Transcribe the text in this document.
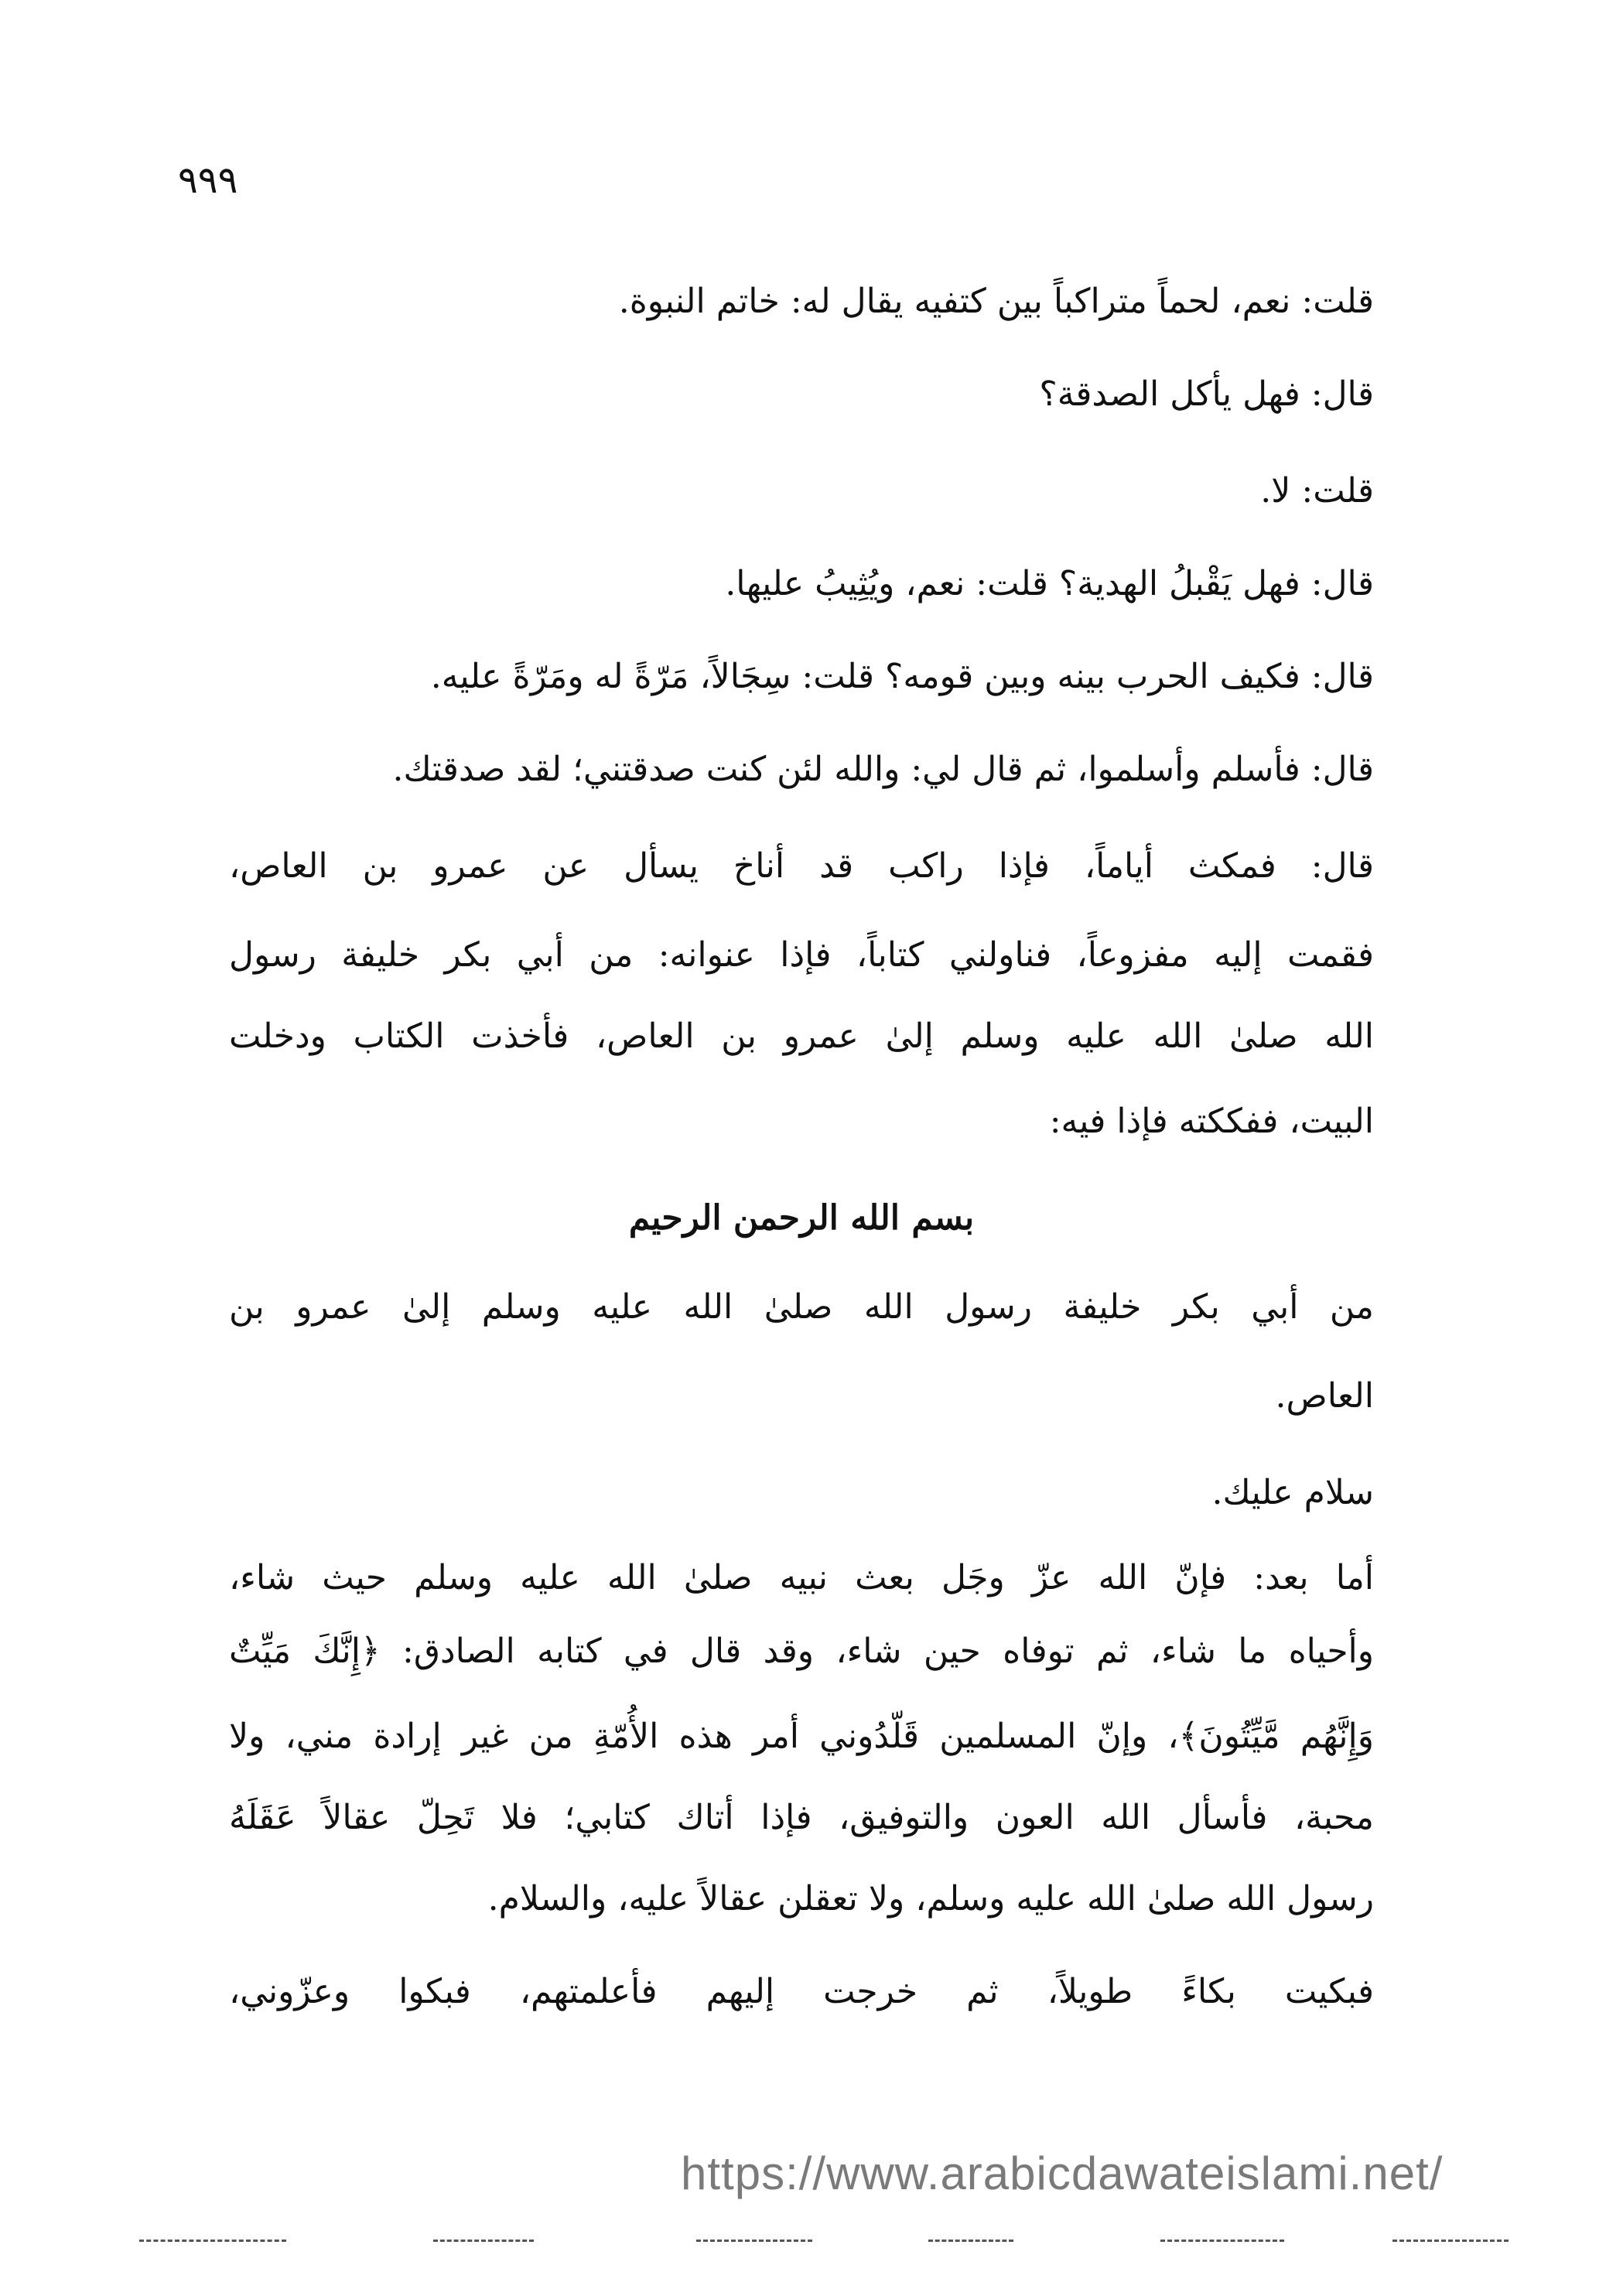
٩٩٩
قلت: نعم، لحماً متراكباً بين كتفيه يقال له: خاتم النبوة.
قال: فهل يأكل الصدقة؟
قلت: لا.
قال: فهل يَقْبلُ الهدية؟ قلت: نعم، ويُثِيبُ عليها.
قال: فكيف الحرب بينه وبين قومه؟ قلت: سِجَالاً، مَرّةً له ومَرّةً عليه.
قال: فأسلم وأسلموا، ثم قال لي: والله لئن كنت صدقتني؛ لقد صدقتك.
قال: فمكث أياماً، فإذا راكب قد أناخ يسأل عن عمرو بن العاص،
فقمت إليه مفزوعاً، فناولني كتاباً، فإذا عنوانه: من أبي بكر خليفة رسول
الله صلىٰ الله عليه وسلم إلىٰ عمرو بن العاص، فأخذت الكتاب ودخلت
البيت، ففككته فإذا فيه:
بسم الله الرحمن الرحيم
من أبي بكر خليفة رسول الله صلىٰ الله عليه وسلم إلىٰ عمرو بن
العاص.
سلام عليك.
أما بعد: فإنّ الله عزّ وجَل بعث نبيه صلىٰ الله عليه وسلم حيث شاء،
وأحياه ما شاء، ثم توفاه حين شاء، وقد قال في كتابه الصادق: ﴿إِنَّكَ مَيِّتٌ
وَإِنَّهُم مَّيِّتُونَ﴾، وإنّ المسلمين قَلّدُوني أمر هذه الأُمّةِ من غير إرادة مني، ولا
محبة، فأسأل الله العون والتوفيق، فإذا أتاك كتابي؛ فلا تَحِلّ عقالاً عَقَلَهُ
رسول الله صلىٰ الله عليه وسلم، ولا تعقلن عقالاً عليه، والسلام.
فبكيت بكاءً طويلاً، ثم خرجت إليهم فأعلمتهم، فبكوا وعزّوني،
https://www.arabicdawateislami.net/
